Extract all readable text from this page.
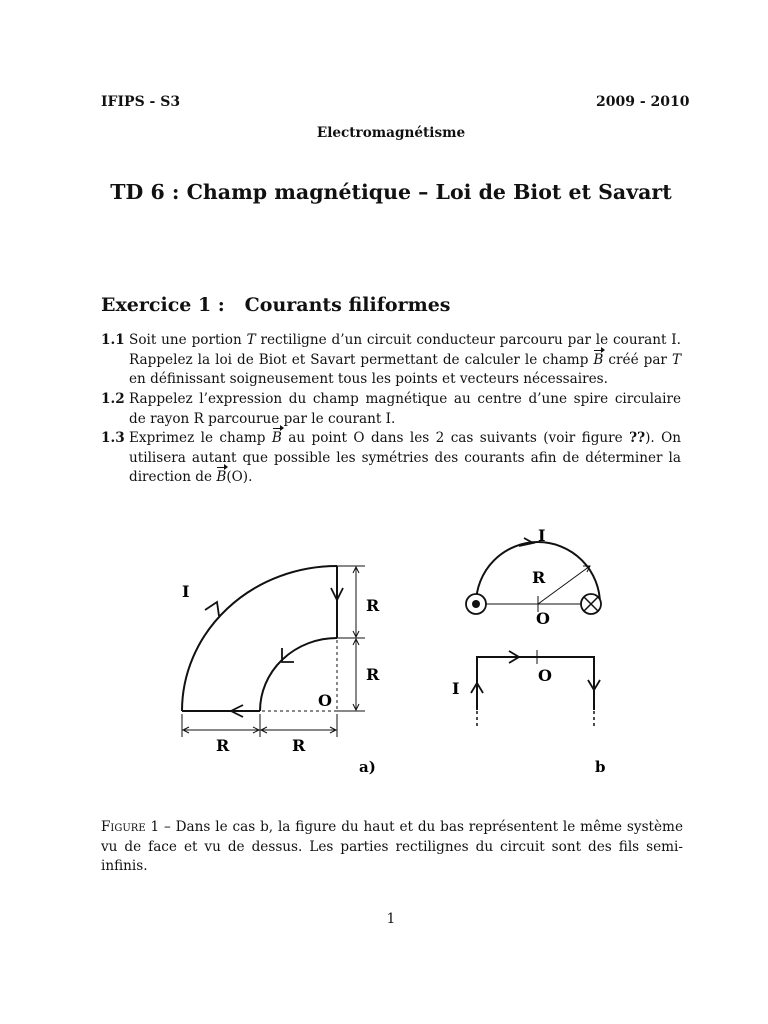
IFIPS - S3	2009 - 2010
Electromagnétisme
TD 6 : Champ magnétique – Loi de Biot et Savart
Exercice 1 :   Courants filiformes
1.1 Soit une portion T rectiligne d’un circuit conducteur parcouru par le courant I. Rappelez la loi de Biot et Savart permettant de calculer le champ B créé par T en définissant soigneusement tous les points et vecteurs nécessaires.
1.2 Rappelez l’expression du champ magnétique au centre d’une spire circulaire de rayon R parcourue par le courant I.
1.3 Exprimez le champ B au point O dans les 2 cas suivants (voir figure ??). On utilisera autant que possible les symétries des courants afin de déterminer la direction de B(O).
I
R
R
O
R	R
a)
I
R
O
O
I
b
Figure 1 – Dans le cas b, la figure du haut et du bas représentent le même système vu de face et vu de dessus. Les parties rectilignes du circuit sont des fils semi-infinis.
1
